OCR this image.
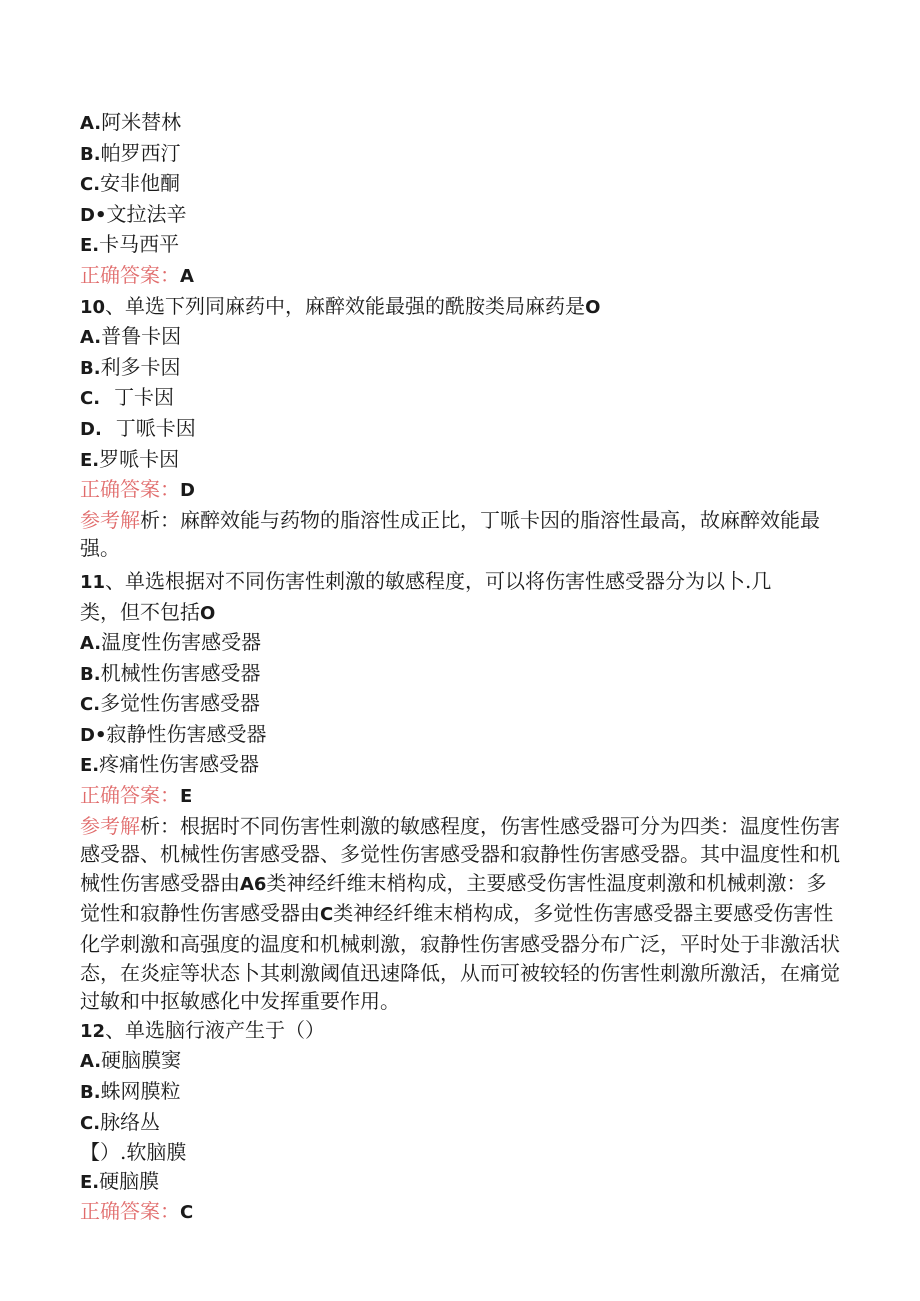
A.阿米替林
B.帕罗西汀
C.安非他酮
D•文拉法辛
E.卡马西平
正确答案：A
10、单选下列同麻药中，麻醉效能最强的酰胺类局麻药是O
A.普鲁卡因
B.利多卡因
C. 丁卡因
D. 丁哌卡因
E.罗哌卡因
正确答案：D
参考解析：麻醉效能与药物的脂溶性成正比，丁哌卡因的脂溶性最高，故麻醉效能最强。
11、单选根据对不同伤害性刺激的敏感程度，可以将伤害性感受器分为以卜.几
类，但不包括O
A.温度性伤害感受器
B.机械性伤害感受器
C.多觉性伤害感受器
D•寂静性伤害感受器
E.疼痛性伤害感受器
正确答案：E
参考解析：根据时不同伤害性刺激的敏感程度，伤害性感受器可分为四类：温度性伤害感受器、机械性伤害感受器、多觉性伤害感受器和寂静性伤害感受器。其中温度性和机械性伤害感受器由A6类神经纤维末梢构成，主要感受伤害性温度刺激和机械刺激：多觉性和寂静性伤害感受器由C类神经纤维末梢构成，多觉性伤害感受器主要感受伤害性化学刺激和高强度的温度和机械刺激，寂静性伤害感受器分布广泛，平时处于非激活状态，在炎症等状态卜其刺激阈值迅速降低，从而可被较轻的伤害性刺激所激活，在痛觉过敏和中抠敏感化中发挥重要作用。
12、单选脑行液产生于（）
A.硬脑膜窦
B.蛛网膜粒
C.脉络丛
【）.软脑膜
E.硬脑膜
正确答案：C
